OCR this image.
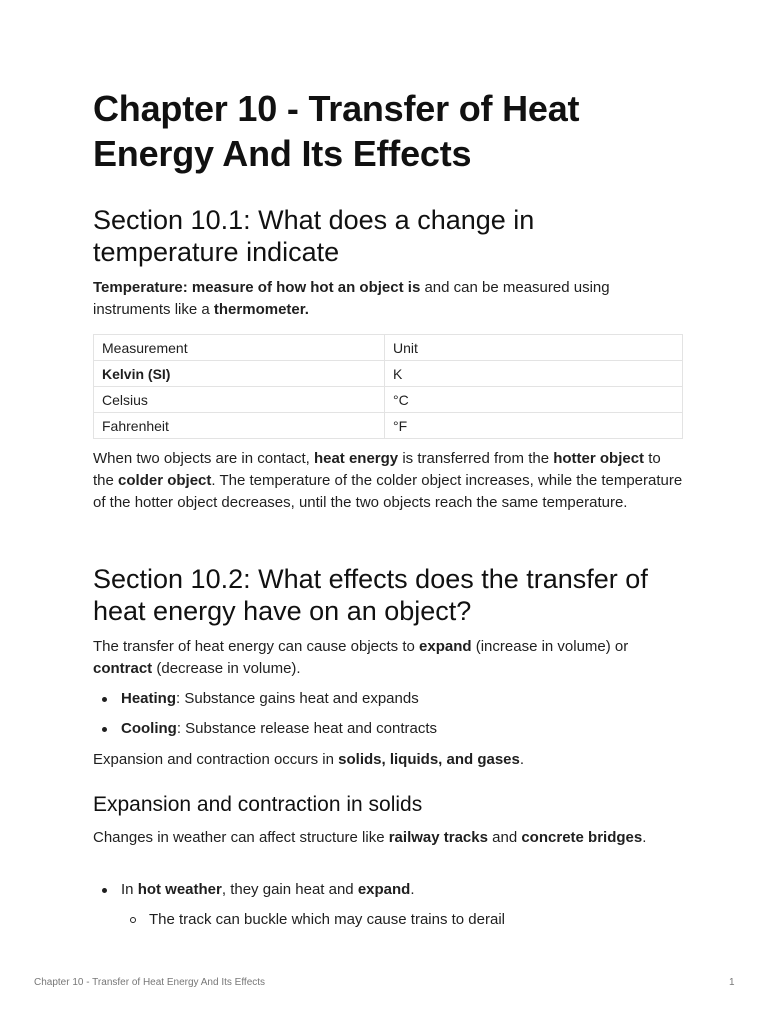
Chapter 10 - Transfer of Heat Energy And Its Effects
Section 10.1: What does a change in temperature indicate

Temperature: measure of how hot an object is and can be measured using instruments like a thermometer.

Measurement	Unit
Kelvin (SI)	K
Celsius	°C
Fahrenheit	°F

When two objects are in contact, heat energy is transferred from the hotter object to the colder object. The temperature of the colder object increases, while the temperature of the hotter object decreases, until the two objects reach the same temperature.

Section 10.2: What effects does the transfer of heat energy have on an object?

The transfer of heat energy can cause objects to expand (increase in volume) or contract (decrease in volume).

Heating: Substance gains heat and expands
Cooling: Substance release heat and contracts

Expansion and contraction occurs in solids, liquids, and gases.

Expansion and contraction in solids

Changes in weather can affect structure like railway tracks and concrete bridges.

In hot weather, they gain heat and expand.
The track can buckle which may cause trains to derail
Chapter 10 - Transfer of Heat Energy And Its Effects	1
